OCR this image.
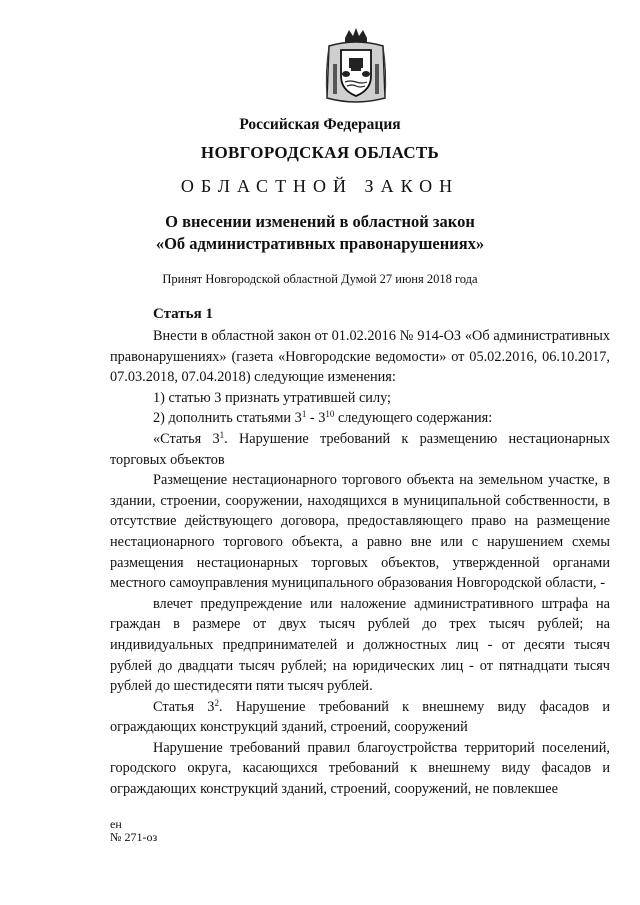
Российская Федерация
НОВГОРОДСКАЯ ОБЛАСТЬ
ОБЛАСТНОЙ ЗАКОН
О внесении изменений в областной закон
«Об административных правонарушениях»
Принят Новгородской областной Думой 27 июня 2018 года
Статья 1

Внести в областной закон от 01.02.2016 № 914-ОЗ «Об административных правонарушениях» (газета «Новгородские ведомости» от 05.02.2016, 06.10.2017, 07.03.2018, 07.04.2018) следующие изменения:

1) статью 3 признать утратившей силу;

2) дополнить статьями $3^1 - 3^{10}$ следующего содержания:

«Статья $3^1$. Нарушение требований к размещению нестационарных торговых объектов

Размещение нестационарного торгового объекта на земельном участке, в здании, строении, сооружении, находящихся в муниципальной собственности, в отсутствие действующего договора, предоставляющего право на размещение нестационарного торгового объекта, а равно вне или с нарушением схемы размещения нестационарных торговых объектов, утвержденной органами местного самоуправления муниципального образования Новгородской области, -

влечет предупреждение или наложение административного штрафа на граждан в размере от двух тысяч рублей до трех тысяч рублей; на индивидуальных предпринимателей и должностных лиц - от десяти тысяч рублей до двадцати тысяч рублей; на юридических лиц - от пятнадцати тысяч рублей до шестидесяти пяти тысяч рублей.

Статья $3^2$. Нарушение требований к внешнему виду фасадов и ограждающих конструкций зданий, строений, сооружений

Нарушение требований правил благоустройства территорий поселений, городского округа, касающихся требований к внешнему виду фасадов и ограждающих конструкций зданий, строений, сооружений, не повлекшее

ен
№ 271-оз
